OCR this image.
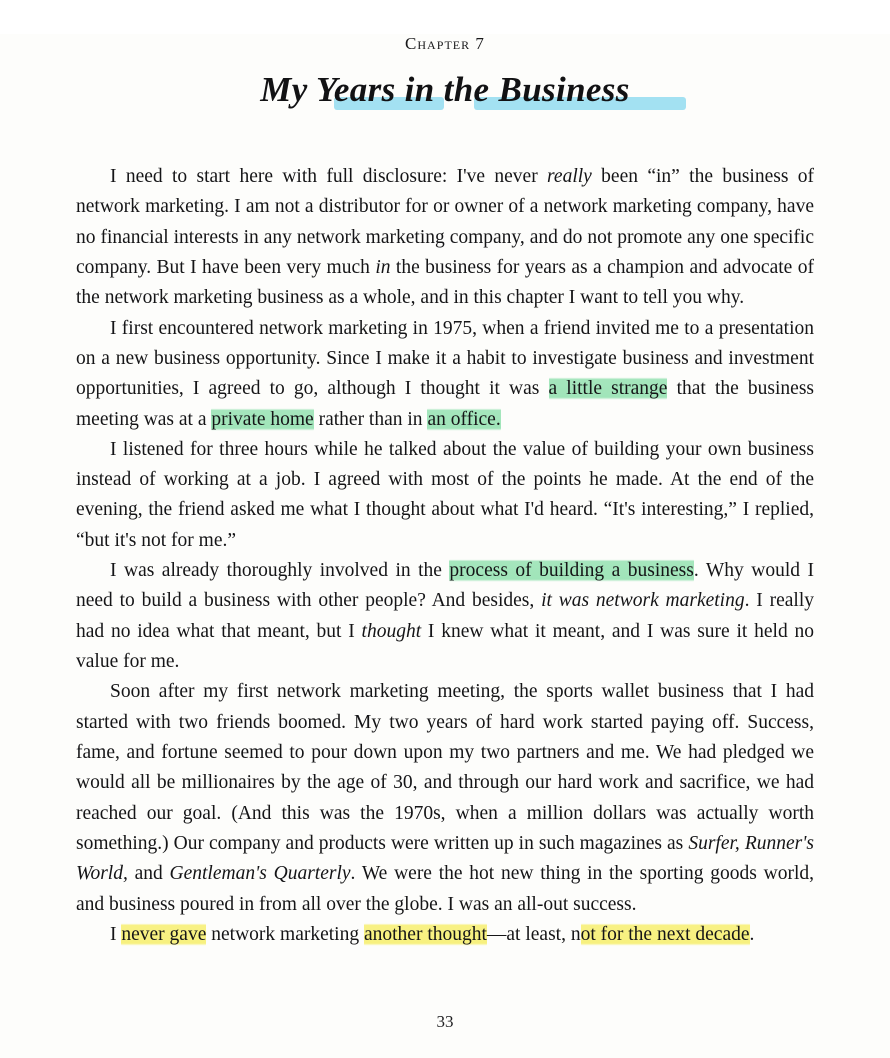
Chapter 7
My Years in the Business

I need to start here with full disclosure: I've never really been “in” the business of network marketing. I am not a distributor for or owner of a network marketing company, have no financial interests in any network marketing company, and do not promote any one specific company. But I have been very much in the business for years as a champion and advocate of the network marketing business as a whole, and in this chapter I want to tell you why.

I first encountered network marketing in 1975, when a friend invited me to a presentation on a new business opportunity. Since I make it a habit to investigate business and investment opportunities, I agreed to go, although I thought it was a little strange that the business meeting was at a private home rather than in an office.

I listened for three hours while he talked about the value of building your own business instead of working at a job. I agreed with most of the points he made. At the end of the evening, the friend asked me what I thought about what I'd heard. “It's interesting,” I replied, “but it's not for me.”

I was already thoroughly involved in the process of building a business. Why would I need to build a business with other people? And besides, it was network marketing. I really had no idea what that meant, but I thought I knew what it meant, and I was sure it held no value for me.

Soon after my first network marketing meeting, the sports wallet business that I had started with two friends boomed. My two years of hard work started paying off. Success, fame, and fortune seemed to pour down upon my two partners and me. We had pledged we would all be millionaires by the age of 30, and through our hard work and sacrifice, we had reached our goal. (And this was the 1970s, when a million dollars was actually worth something.) Our company and products were written up in such magazines as Surfer, Runner's World, and Gentleman's Quarterly. We were the hot new thing in the sporting goods world, and business poured in from all over the globe. I was an all-out success.

I never gave network marketing another thought—at least, not for the next decade.

33
